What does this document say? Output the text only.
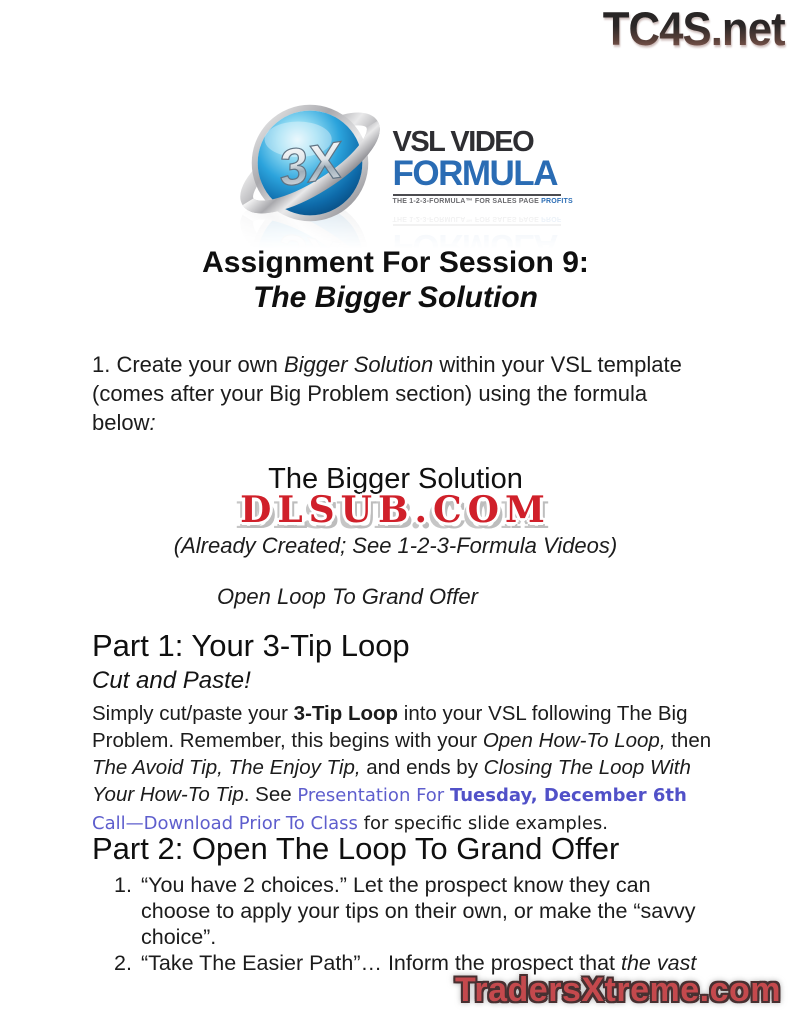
TC4S.net
3X VSL VIDEO
FORMULA
THE 1-2-3-FORMULA™ FOR SALES PAGE PROFITS
Assignment For Session 9:
The Bigger Solution

1. Create your own Bigger Solution within your VSL template (comes after your Big Problem section) using the formula below:

The Bigger Solution
DLSUB.COM
(Already Created; See 1-2-3-Formula Videos)
Open Loop To Grand Offer
Part 1: Your 3-Tip Loop
Cut and Paste!

Simply cut/paste your 3-Tip Loop into your VSL following The Big Problem. Remember, this begins with your Open How-To Loop, then The Avoid Tip, The Enjoy Tip, and ends by Closing The Loop With Your How-To Tip. See Presentation For Tuesday, December 6th Call—Download Prior To Class for specific slide examples.

Part 2: Open The Loop To Grand Offer
1. “You have 2 choices.” Let the prospect know they can choose to apply your tips on their own, or make the “savvy choice”.
2. “Take The Easier Path”… Inform the prospect that the vast
TradersXtreme.com
